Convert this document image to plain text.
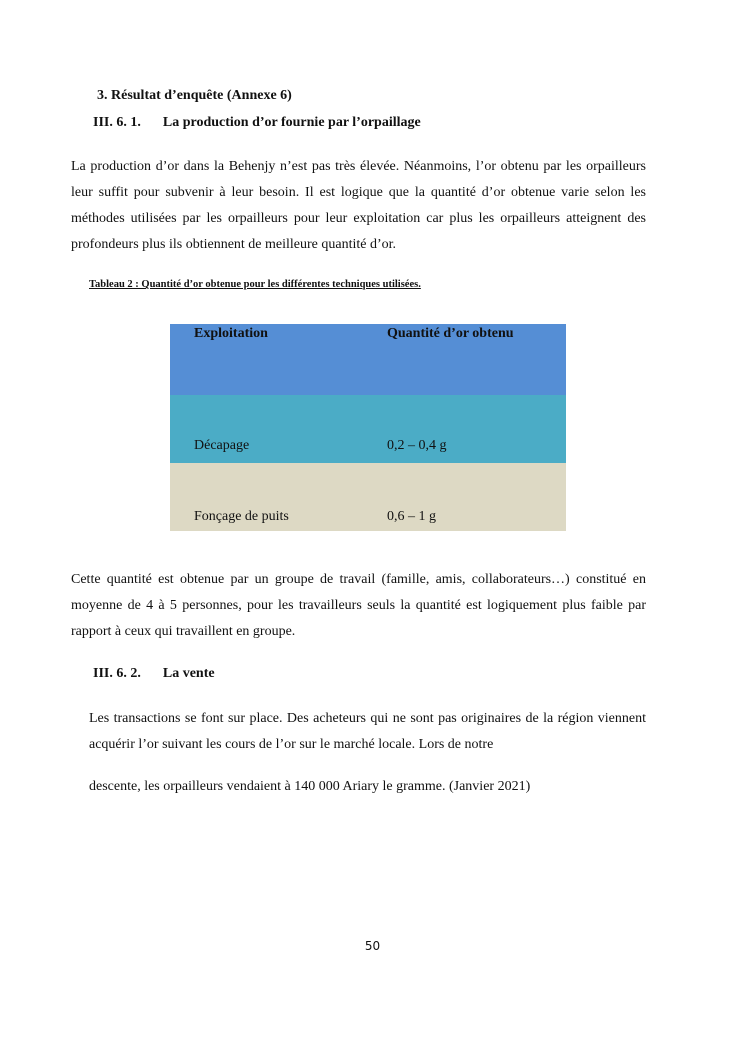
3. Résultat d’enquête (Annexe 6)
III. 6. 1. La production d’or fournie par l’orpaillage
La production d’or dans la Behenjy n’est pas très élevée. Néanmoins, l’or obtenu par les orpailleurs leur suffit pour subvenir à leur besoin. Il est logique que la quantité d’or obtenue varie selon les méthodes utilisées par les orpailleurs pour leur exploitation car plus les orpailleurs atteignent des profondeurs plus ils obtiennent de meilleure quantité d’or.
Tableau 2 : Quantité d’or obtenue pour les différentes techniques utilisées.
Exploitation	Quantité d’or obtenu
Décapage	0,2 – 0,4 g
Fonçage de puits	0,6 – 1 g
Cette quantité est obtenue par un groupe de travail (famille, amis, collaborateurs…) constitué en moyenne de 4 à 5 personnes, pour les travailleurs seuls la quantité est logiquement plus faible par rapport à ceux qui travaillent en groupe.
III. 6. 2. La vente
Les transactions se font sur place. Des acheteurs qui ne sont pas originaires de la région viennent acquérir l’or suivant les cours de l’or sur le marché locale. Lors de notre
descente, les orpailleurs vendaient à 140 000 Ariary le gramme. (Janvier 2021)
50
